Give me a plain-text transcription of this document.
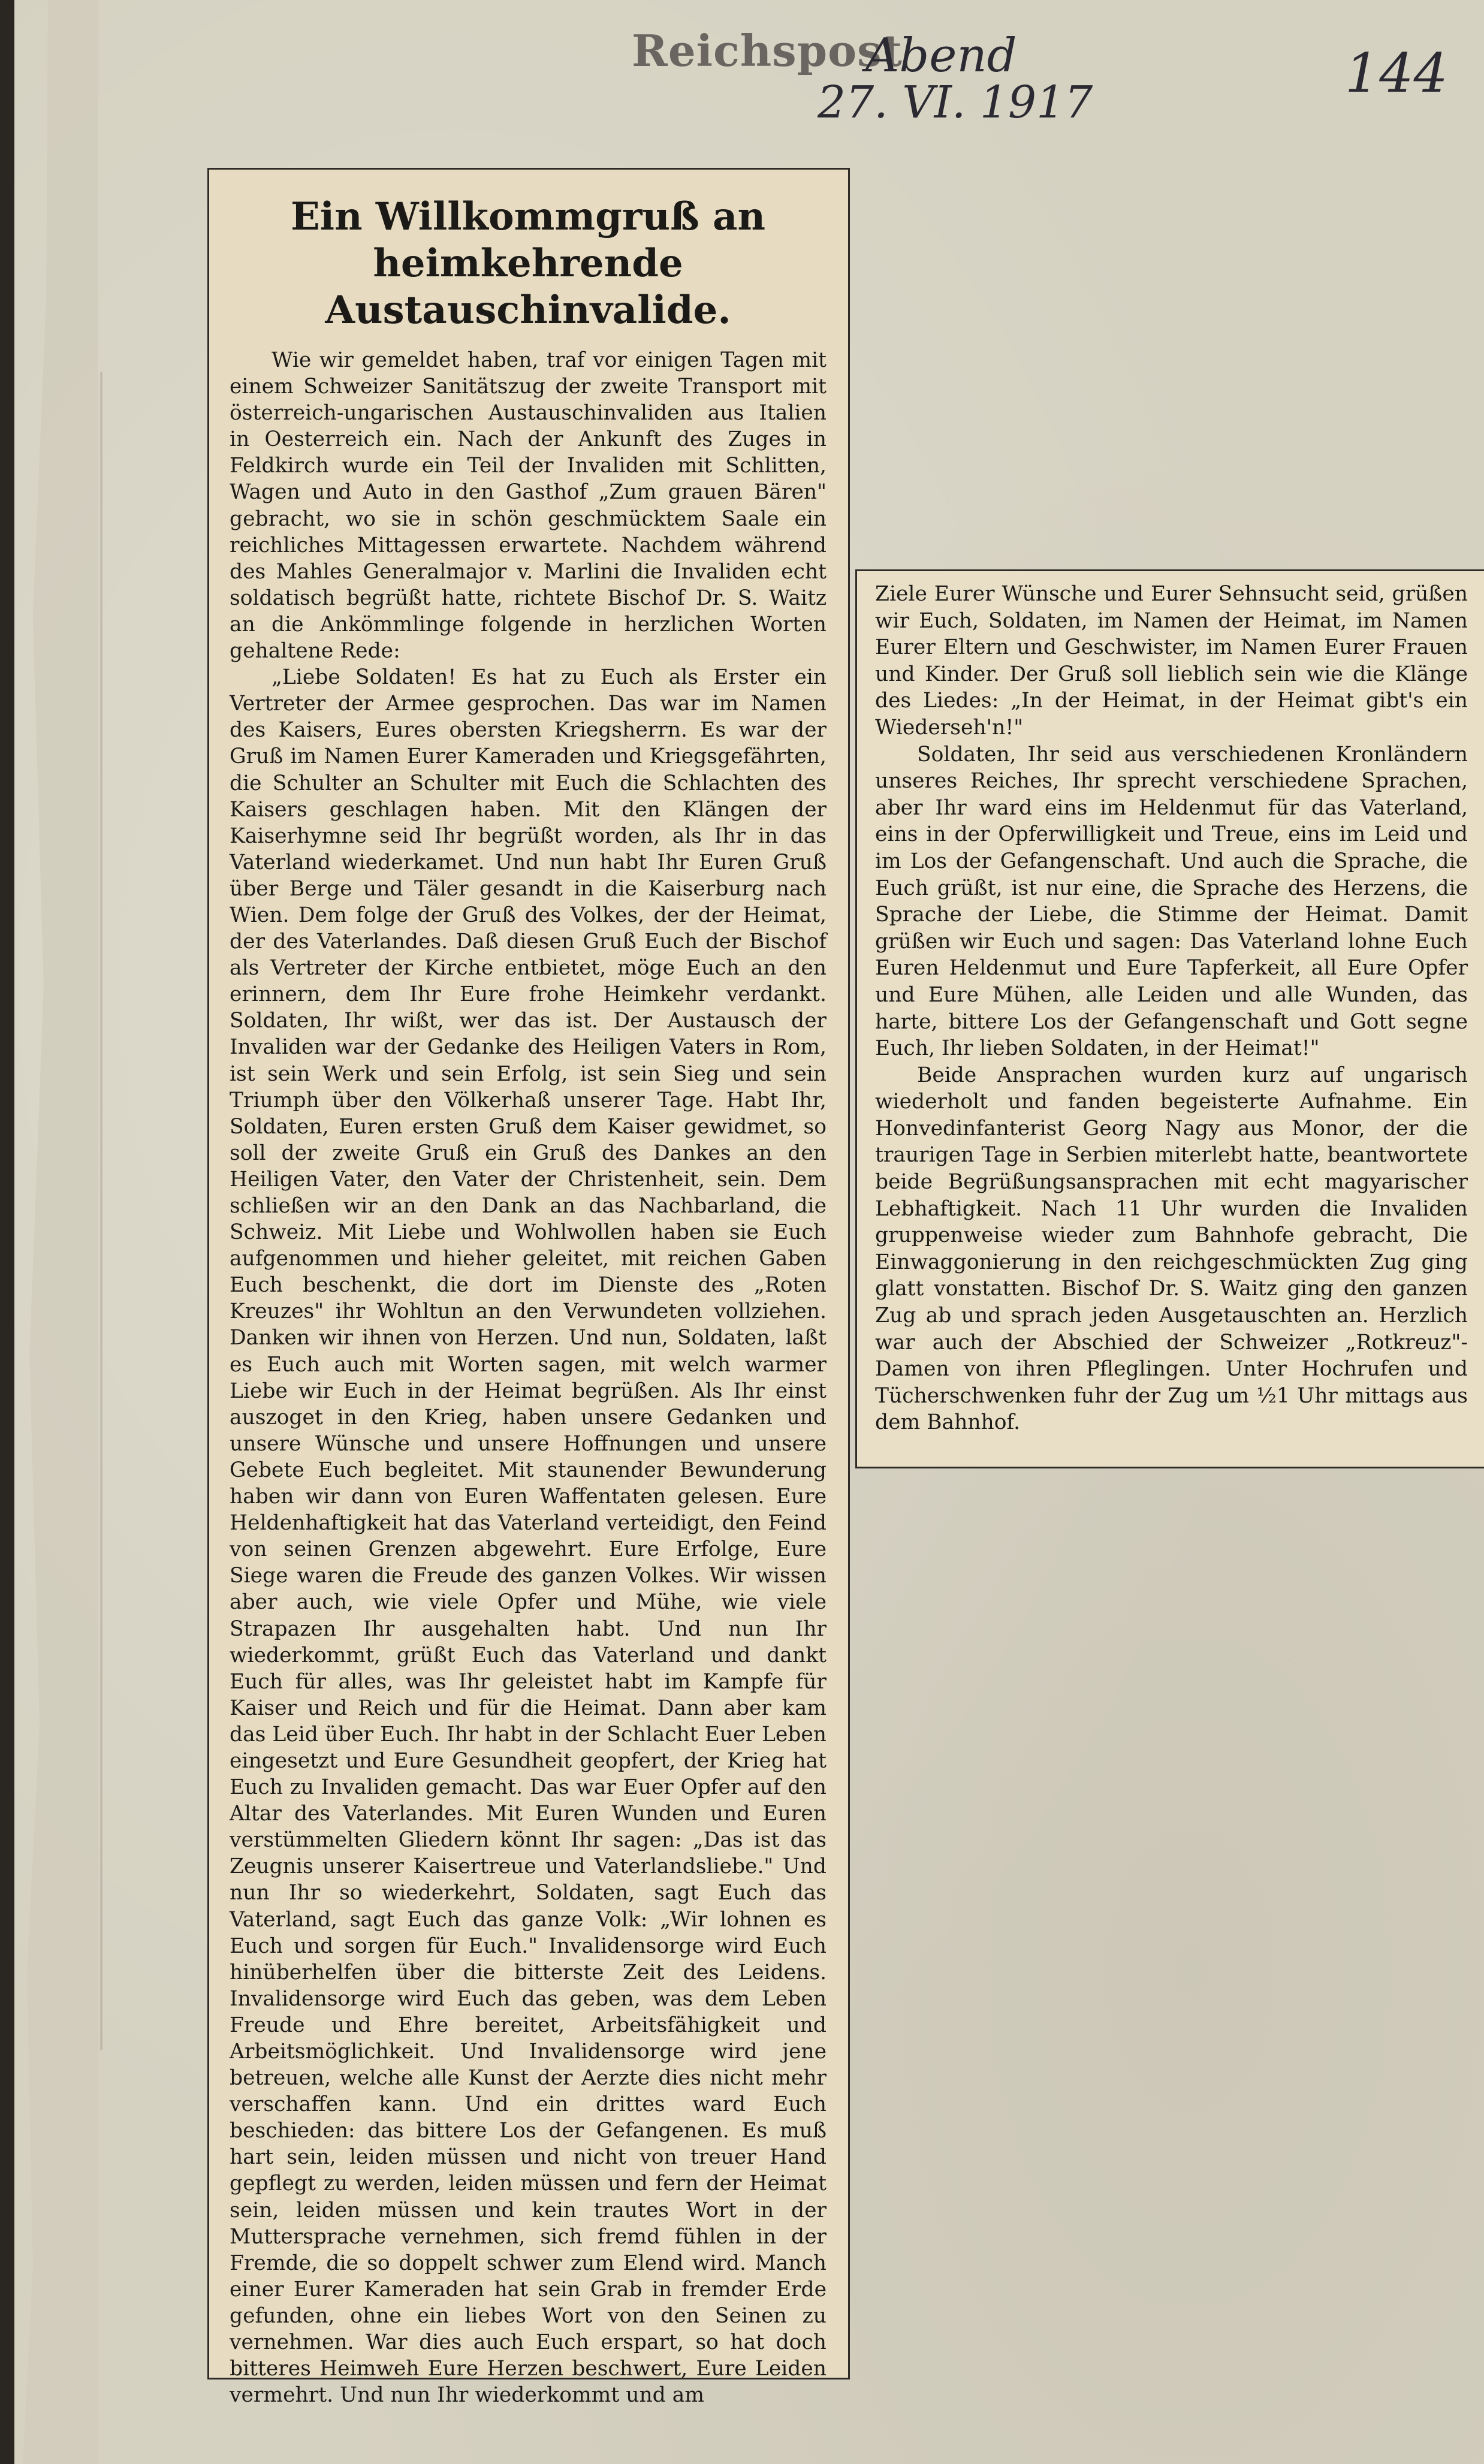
Reichspost
Abend
27. VI. 1917	144
Ein Willkommgruß an heimkehrende Austauschinvalide.

Wie wir gemeldet haben, traf vor einigen Tagen mit einem Schweizer Sanitätszug der zweite Transport mit österreich-ungarischen Austauschinvaliden aus Italien in Oesterreich ein. Nach der Ankunft des Zuges in Feldkirch wurde ein Teil der Invaliden mit Schlitten, Wagen und Auto in den Gasthof „Zum grauen Bären" gebracht, wo sie in schön geschmücktem Saale ein reichliches Mittagessen erwartete. Nachdem während des Mahles Generalmajor v. Marlini die Invaliden echt soldatisch begrüßt hatte, richtete Bischof Dr. S. Waitz an die Ankömmlinge folgende in herzlichen Worten gehaltene Rede:

„Liebe Soldaten! Es hat zu Euch als Erster ein Vertreter der Armee gesprochen. Das war im Namen des Kaisers, Eures obersten Kriegsherrn. Es war der Gruß im Namen Eurer Kameraden und Kriegsgefährten, die Schulter an Schulter mit Euch die Schlachten des Kaisers geschlagen haben. Mit den Klängen der Kaiserhymne seid Ihr begrüßt worden, als Ihr in das Vaterland wiederkamet. Und nun habt Ihr Euren Gruß über Berge und Täler gesandt in die Kaiserburg nach Wien. Dem folge der Gruß des Volkes, der der Heimat, der des Vaterlandes. Daß diesen Gruß Euch der Bischof als Vertreter der Kirche entbietet, möge Euch an den erinnern, dem Ihr Eure frohe Heimkehr verdankt. Soldaten, Ihr wißt, wer das ist. Der Austausch der Invaliden war der Gedanke des Heiligen Vaters in Rom, ist sein Werk und sein Erfolg, ist sein Sieg und sein Triumph über den Völkerhaß unserer Tage. Habt Ihr, Soldaten, Euren ersten Gruß dem Kaiser gewidmet, so soll der zweite Gruß ein Gruß des Dankes an den Heiligen Vater, den Vater der Christenheit, sein. Dem schließen wir an den Dank an das Nachbarland, die Schweiz. Mit Liebe und Wohlwollen haben sie Euch aufgenommen und hieher geleitet, mit reichen Gaben Euch beschenkt, die dort im Dienste des „Roten Kreuzes" ihr Wohltun an den Verwundeten vollziehen. Danken wir ihnen von Herzen. Und nun, Soldaten, laßt es Euch auch mit Worten sagen, mit welch warmer Liebe wir Euch in der Heimat begrüßen. Als Ihr einst auszoget in den Krieg, haben unsere Gedanken und unsere Wünsche und unsere Hoffnungen und unsere Gebete Euch begleitet. Mit staunender Bewunderung haben wir dann von Euren Waffentaten gelesen. Eure Heldenhaftigkeit hat das Vaterland verteidigt, den Feind von seinen Grenzen abgewehrt. Eure Erfolge, Eure Siege waren die Freude des ganzen Volkes. Wir wissen aber auch, wie viele Opfer und Mühe, wie viele Strapazen Ihr ausgehalten habt. Und nun Ihr wiederkommt, grüßt Euch das Vaterland und dankt Euch für alles, was Ihr geleistet habt im Kampfe für Kaiser und Reich und für die Heimat. Dann aber kam das Leid über Euch. Ihr habt in der Schlacht Euer Leben eingesetzt und Eure Gesundheit geopfert, der Krieg hat Euch zu Invaliden gemacht. Das war Euer Opfer auf den Altar des Vaterlandes. Mit Euren Wunden und Euren verstümmelten Gliedern könnt Ihr sagen: „Das ist das Zeugnis unserer Kaisertreue und Vaterlandsliebe." Und nun Ihr so wiederkehrt, Soldaten, sagt Euch das Vaterland, sagt Euch das ganze Volk: „Wir lohnen es Euch und sorgen für Euch." Invalidensorge wird Euch hinüberhelfen über die bitterste Zeit des Leidens. Invalidensorge wird Euch das geben, was dem Leben Freude und Ehre bereitet, Arbeitsfähigkeit und Arbeitsmöglichkeit. Und Invalidensorge wird jene betreuen, welche alle Kunst der Aerzte dies nicht mehr verschaffen kann. Und ein drittes ward Euch beschieden: das bittere Los der Gefangenen. Es muß hart sein, leiden müssen und nicht von treuer Hand gepflegt zu werden, leiden müssen und fern der Heimat sein, leiden müssen und kein trautes Wort in der Muttersprache vernehmen, sich fremd fühlen in der Fremde, die so doppelt schwer zum Elend wird. Manch einer Eurer Kameraden hat sein Grab in fremder Erde gefunden, ohne ein liebes Wort von den Seinen zu vernehmen. War dies auch Euch erspart, so hat doch bitteres Heimweh Eure Herzen beschwert, Eure Leiden vermehrt. Und nun Ihr wiederkommt und am

Ziele Eurer Wünsche und Eurer Sehnsucht seid, grüßen wir Euch, Soldaten, im Namen der Heimat, im Namen Eurer Eltern und Geschwister, im Namen Eurer Frauen und Kinder. Der Gruß soll lieblich sein wie die Klänge des Liedes: „In der Heimat, in der Heimat gibt's ein Wiederseh'n!"

Soldaten, Ihr seid aus verschiedenen Kronländern unseres Reiches, Ihr sprecht verschiedene Sprachen, aber Ihr ward eins im Heldenmut für das Vaterland, eins in der Opferwilligkeit und Treue, eins im Leid und im Los der Gefangenschaft. Und auch die Sprache, die Euch grüßt, ist nur eine, die Sprache des Herzens, die Sprache der Liebe, die Stimme der Heimat. Damit grüßen wir Euch und sagen: Das Vaterland lohne Euch Euren Heldenmut und Eure Tapferkeit, all Eure Opfer und Eure Mühen, alle Leiden und alle Wunden, das harte, bittere Los der Gefangenschaft und Gott segne Euch, Ihr lieben Soldaten, in der Heimat!"

Beide Ansprachen wurden kurz auf ungarisch wiederholt und fanden begeisterte Aufnahme. Ein Honvedinfanterist Georg Nagy aus Monor, der die traurigen Tage in Serbien miterlebt hatte, beantwortete beide Begrüßungsansprachen mit echt magyarischer Lebhaftigkeit. Nach 11 Uhr wurden die Invaliden gruppenweise wieder zum Bahnhofe gebracht, Die Einwaggonierung in den reichgeschmückten Zug ging glatt vonstatten. Bischof Dr. S. Waitz ging den ganzen Zug ab und sprach jeden Ausgetauschten an. Herzlich war auch der Abschied der Schweizer „Rotkreuz"-Damen von ihren Pfleglingen. Unter Hochrufen und Tücherschwenken fuhr der Zug um ½1 Uhr mittags aus dem Bahnhof.
